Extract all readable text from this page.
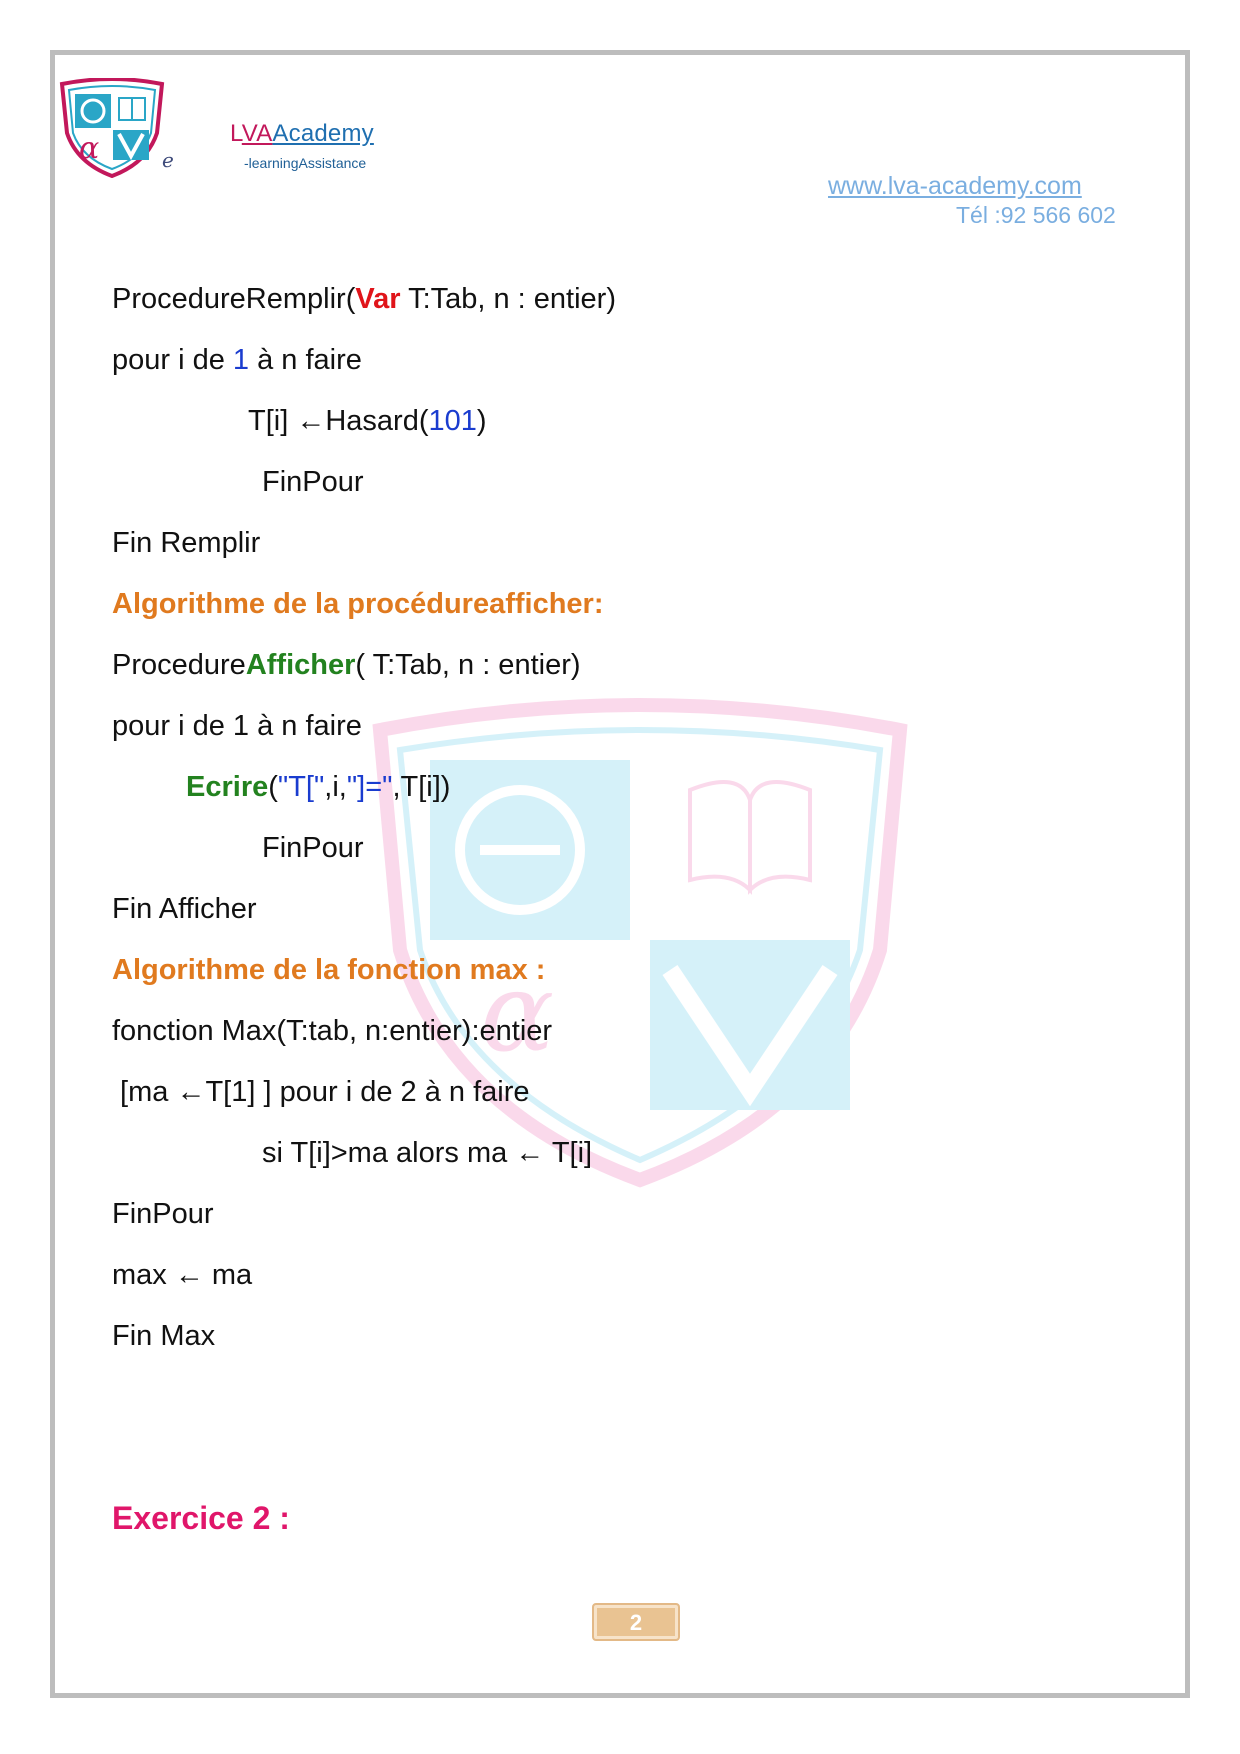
α
α	e
LVAAcademy
-learningAssistance
www.lva-academy.com
Tél :92 566 602
ProcedureRemplir(Var T:Tab, n : entier)
pour i de 1 à n faire
T[i] ←Hasard(101)
FinPour
Fin Remplir
Algorithme de la procédureafficher:
ProcedureAfficher( T:Tab, n : entier)
pour i de 1 à n faire
Ecrire("T[",i,"]=",T[i])
FinPour
Fin Afficher
Algorithme de la fonction max :
fonction Max(T:tab, n:entier):entier
[ma ←T[1] ] pour i de 2 à n faire
si T[i]>ma alors ma ← T[i]
FinPour
max ← ma
Fin Max
Exercice 2 :
2
